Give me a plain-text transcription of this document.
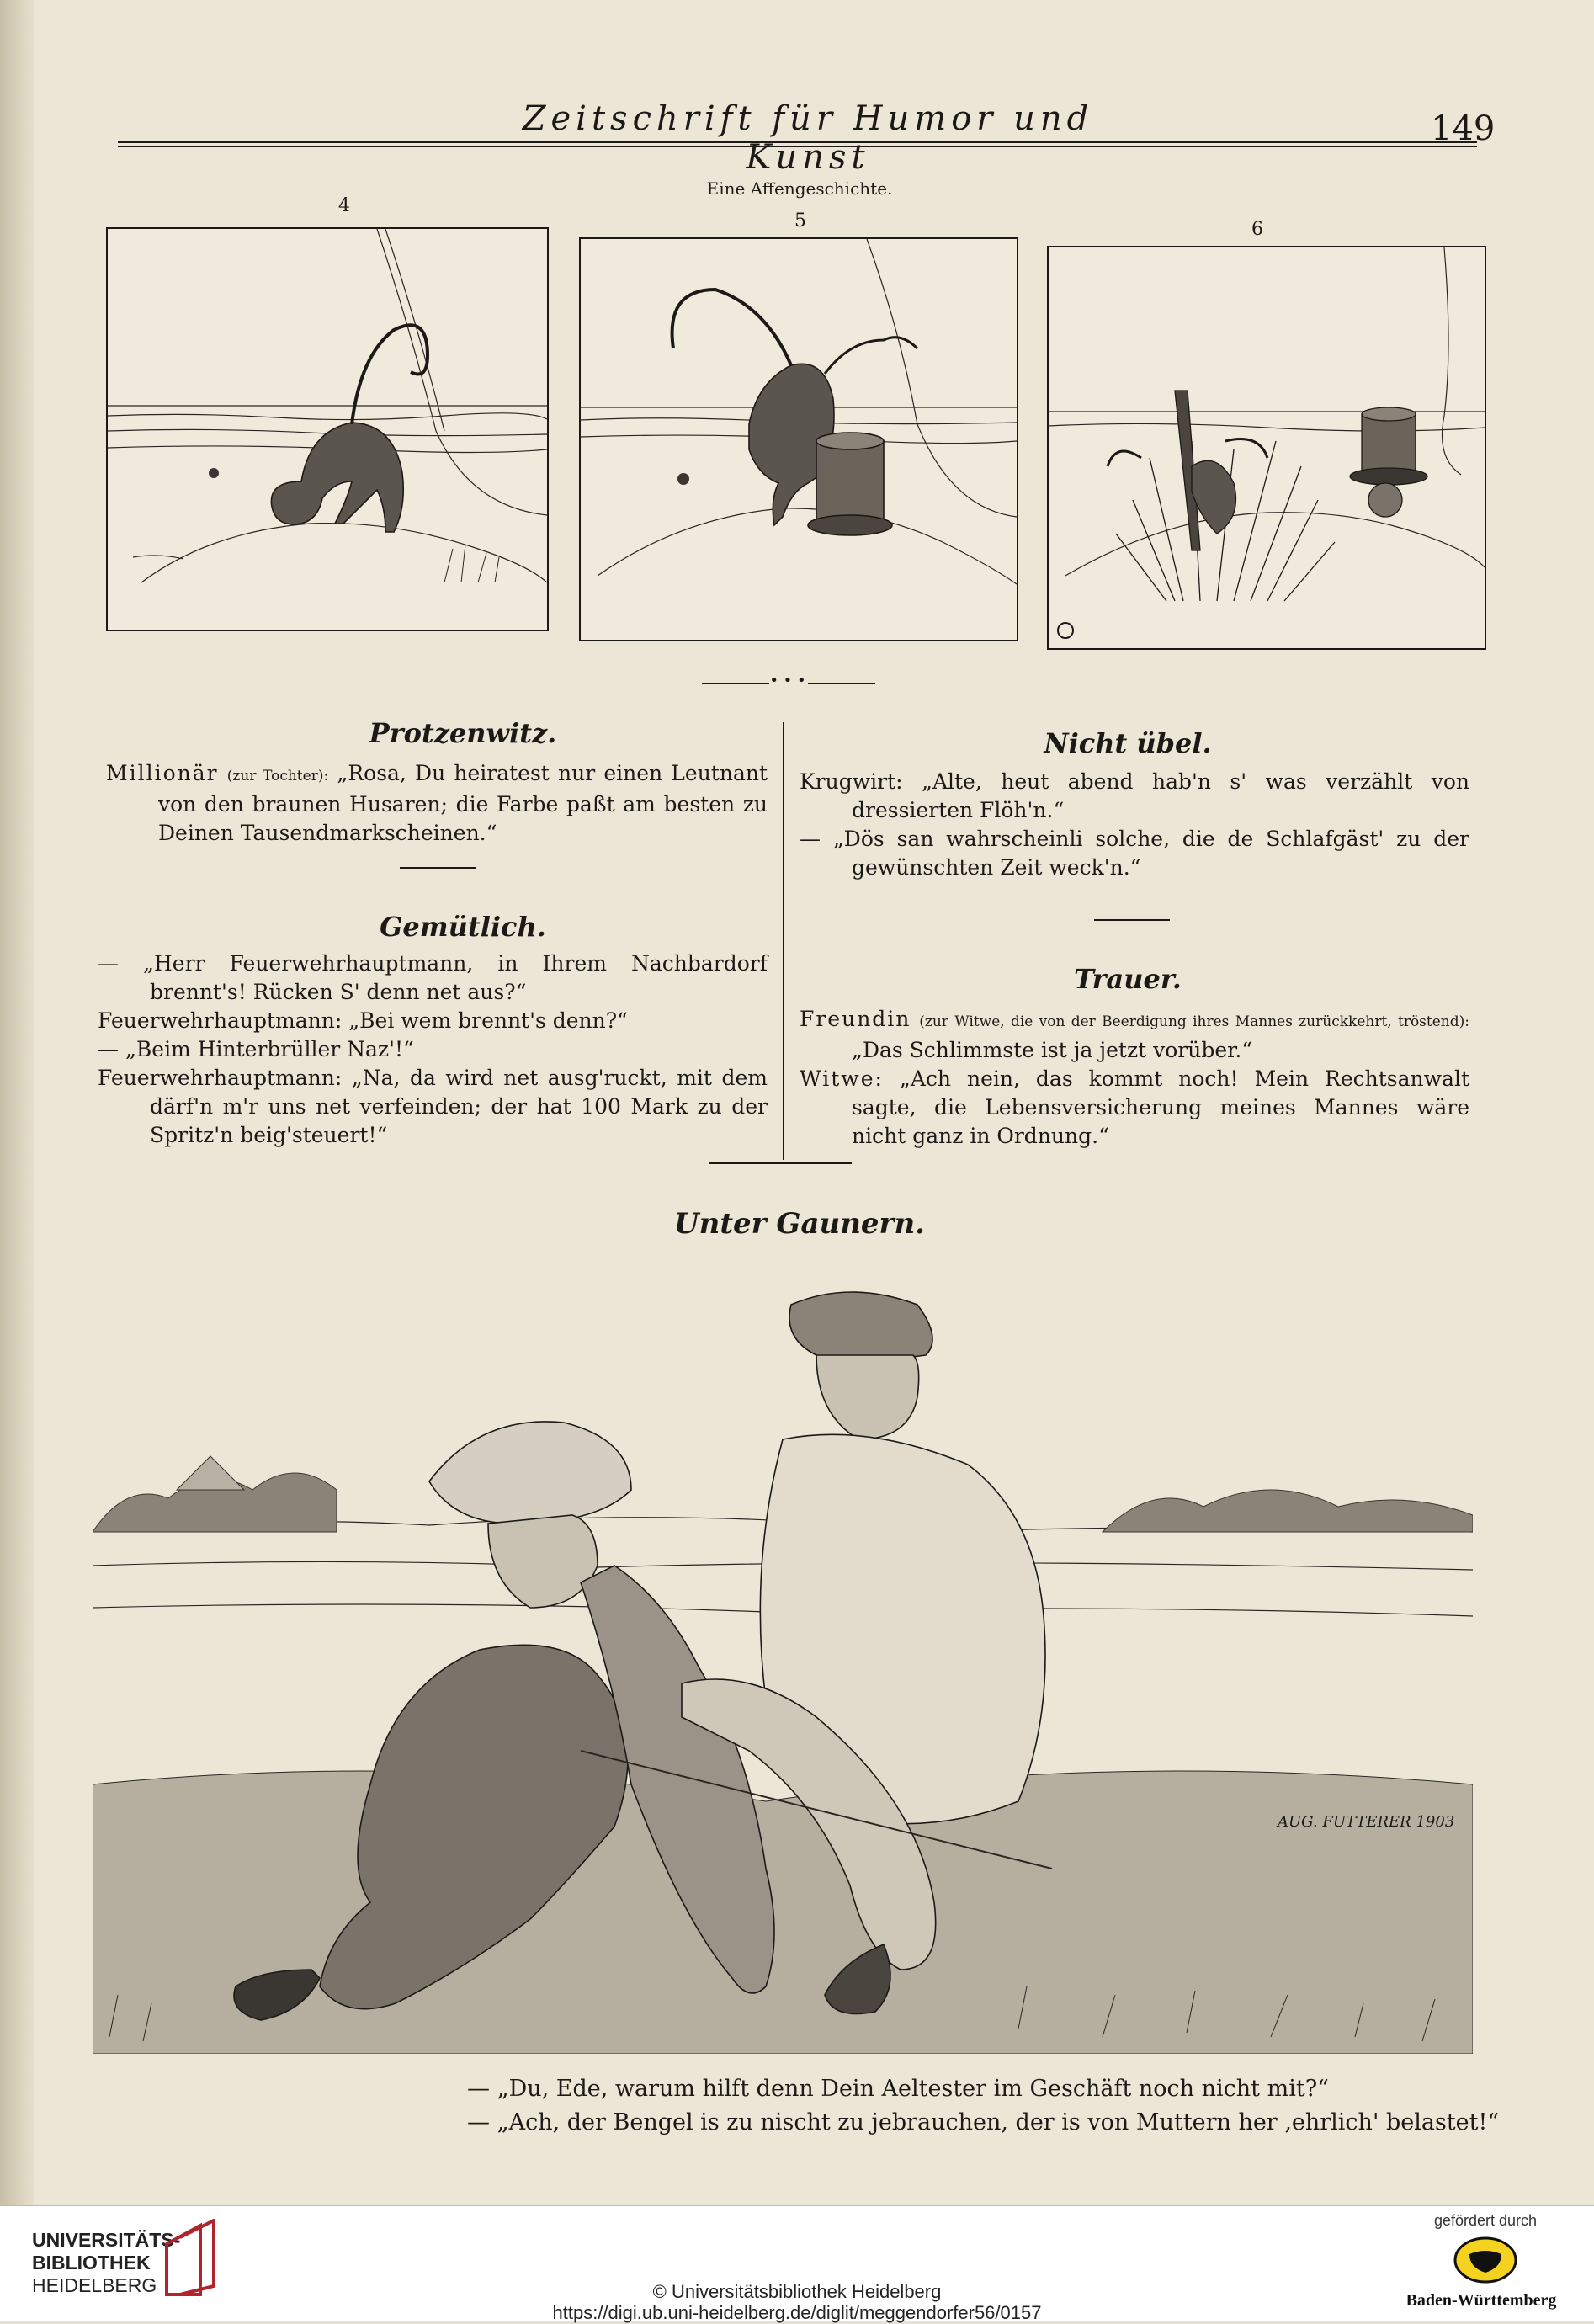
Zeitschrift für Humor und Kunst
149
Eine Affengeschichte.
4
5	6
• • •
Protzenwitz.

Millionär (zur Tochter): „Rosa, Du heiratest nur einen Leutnant von den braunen Husaren; die Farbe paßt am besten zu Deinen Tausendmarkscheinen.“

Gemütlich.

— „Herr Feuerwehrhauptmann, in Ihrem Nachbardorf brennt's! Rücken S' denn net aus?“

Feuerwehrhauptmann: „Bei wem brennt's denn?“

— „Beim Hinterbrüller Naz'!“

Feuerwehrhauptmann: „Na, da wird net ausg'ruckt, mit dem därf'n m'r uns net verfeinden; der hat 100 Mark zu der Spritz'n beig'steuert!“

Nicht übel.

Krugwirt: „Alte, heut abend hab'n s' was verzählt von dressierten Flöh'n.“

— „Dös san wahrscheinli solche, die de Schlafgäst' zu der gewünschten Zeit weck'n.“

Trauer.

Freundin (zur Witwe, die von der Beerdigung ihres Mannes zurückkehrt, tröstend): „Das Schlimmste ist ja jetzt vorüber.“

Witwe: „Ach nein, das kommt noch! Mein Rechtsanwalt sagte, die Lebensversicherung meines Mannes wäre nicht ganz in Ordnung.“

Unter Gaunern.
AUG. FUTTERER 1903
— „Du, Ede, warum hilft denn Dein Aeltester im Geschäft noch nicht mit?“
— „Ach, der Bengel is zu nischt zu jebrauchen, der is von Muttern her ‚ehrlich' belastet!“
UNIVERSITÄTS-
BIBLIOTHEK
HEIDELBERG	© Universitätsbibliothek Heidelberg
https://digi.ub.uni-heidelberg.de/diglit/meggendorfer56/0157
gefördert durch
Baden-Württemberg
